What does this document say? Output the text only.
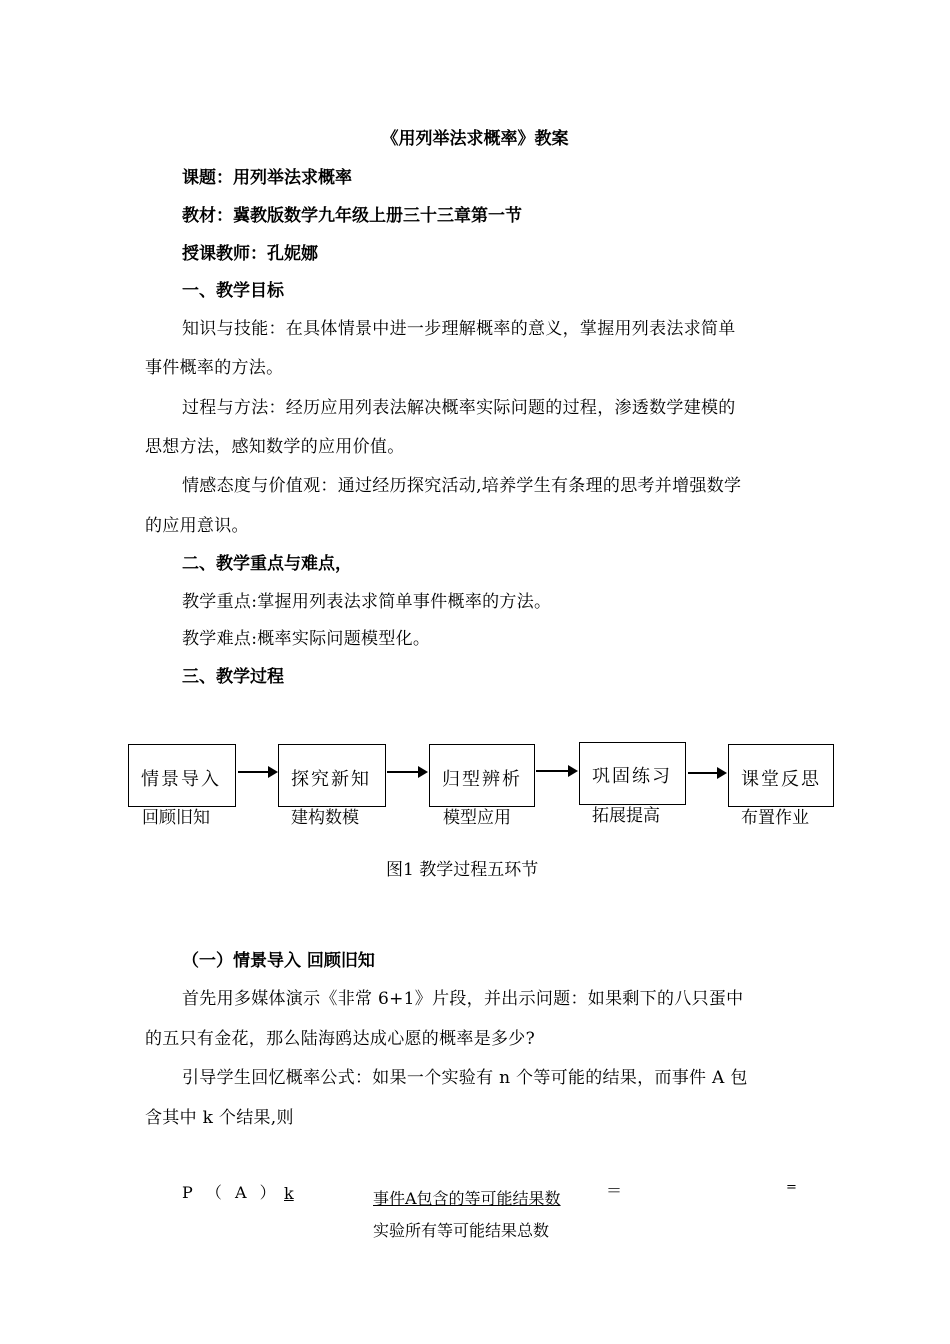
《用列举法求概率》教案
课题：用列举法求概率
教材：冀教版数学九年级上册三十三章第一节
授课教师：孔妮娜
一、教学目标
知识与技能：在具体情景中进一步理解概率的意义，掌握用列表法求简单
事件概率的方法。
过程与方法：经历应用列表法解决概率实际问题的过程，渗透数学建模的
思想方法，感知数学的应用价值。
情感态度与价值观：通过经历探究活动,培养学生有条理的思考并增强数学
的应用意识。
二、教学重点与难点，
教学重点:掌握用列表法求简单事件概率的方法。
教学难点:概率实际问题模型化。
三、教学过程
情景导入
回顾旧知
探究新知
建构数模
归型辨析
模型应用
巩固练习
拓展提高
课堂反思
布置作业
图1 教学过程五环节
（一）情景导入 回顾旧知
首先用多媒体演示《非常 6+1》片段，并出示问题：如果剩下的八只蛋中
的五只有金花，那么陆海鸥达成心愿的概率是多少?
引导学生回忆概率公式：如果一个实验有 n 个等可能的结果，而事件 A 包
含其中 k 个结果,则
P （ A ） k	事件A包含的等可能结果数	＝	=
实验所有等可能结果总数
